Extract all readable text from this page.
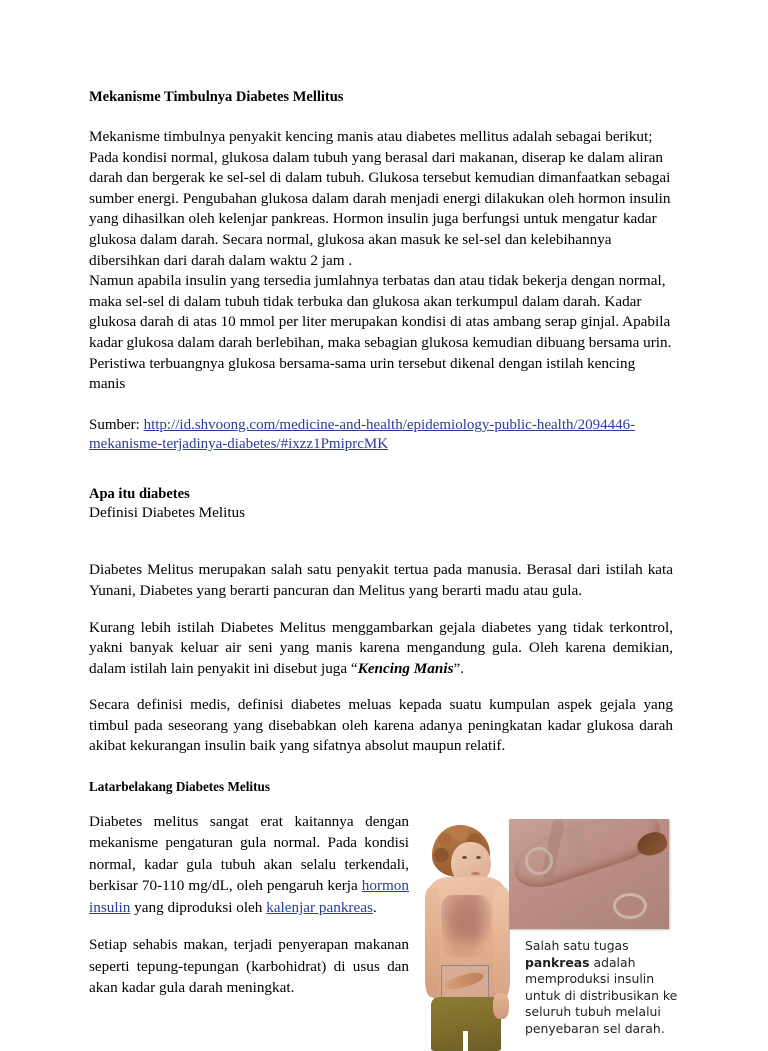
Mekanisme Timbulnya Diabetes Mellitus

Mekanisme timbulnya penyakit kencing manis atau diabetes mellitus adalah sebagai berikut;

Pada kondisi normal, glukosa dalam tubuh yang berasal dari makanan, diserap ke dalam aliran

darah dan bergerak ke sel-sel di dalam tubuh. Glukosa tersebut kemudian dimanfaatkan sebagai

sumber energi. Pengubahan glukosa dalam darah menjadi energi dilakukan oleh hormon insulin

yang dihasilkan oleh kelenjar pankreas. Hormon insulin juga berfungsi untuk mengatur kadar

glukosa dalam darah. Secara normal, glukosa akan masuk ke sel-sel dan kelebihannya

dibersihkan dari darah dalam waktu 2 jam .

Namun apabila insulin yang tersedia jumlahnya terbatas dan atau tidak bekerja dengan normal,

maka sel-sel di dalam tubuh tidak terbuka dan glukosa akan terkumpul dalam darah. Kadar

glukosa darah di atas 10 mmol per liter merupakan kondisi di atas ambang serap ginjal. Apabila

kadar glukosa dalam darah berlebihan, maka sebagian glukosa kemudian dibuang bersama urin.

Peristiwa terbuangnya glukosa bersama-sama urin tersebut dikenal dengan istilah kencing manis

Sumber: http://id.shvoong.com/medicine-and-health/epidemiology-public-health/2094446-

mekanisme-terjadinya-diabetes/#ixzz1PmiprcMK

Apa itu diabetes

Definisi Diabetes Melitus

Diabetes Melitus merupakan salah satu penyakit tertua pada manusia. Berasal dari istilah kata Yunani, Diabetes yang berarti pancuran dan Melitus yang berarti madu atau gula.

Kurang lebih istilah Diabetes Melitus menggambarkan gejala diabetes yang tidak terkontrol, yakni banyak keluar air seni yang manis karena mengandung gula. Oleh karena demikian, dalam istilah lain penyakit ini disebut juga “Kencing Manis”.

Secara definisi medis, definisi diabetes meluas kepada suatu kumpulan aspek gejala yang timbul pada seseorang yang disebabkan oleh karena adanya peningkatan kadar glukosa darah akibat kekurangan insulin baik yang sifatnya absolut maupun relatif.

Latarbelakang Diabetes Melitus

Diabetes melitus sangat erat kaitannya dengan mekanisme pengaturan gula normal. Pada kondisi normal, kadar gula tubuh akan selalu terkendali, berkisar 70-110 mg/dL, oleh pengaruh kerja hormon insulin yang diproduksi oleh kalenjar pankreas.

Setiap sehabis makan, terjadi penyerapan makanan seperti tepung-tepungan (karbohidrat) di usus dan akan kadar gula darah meningkat.

Salah satu tugas pankreas adalah memproduksi insulin untuk di distribusikan ke seluruh tubuh melalui penyebaran sel darah.
